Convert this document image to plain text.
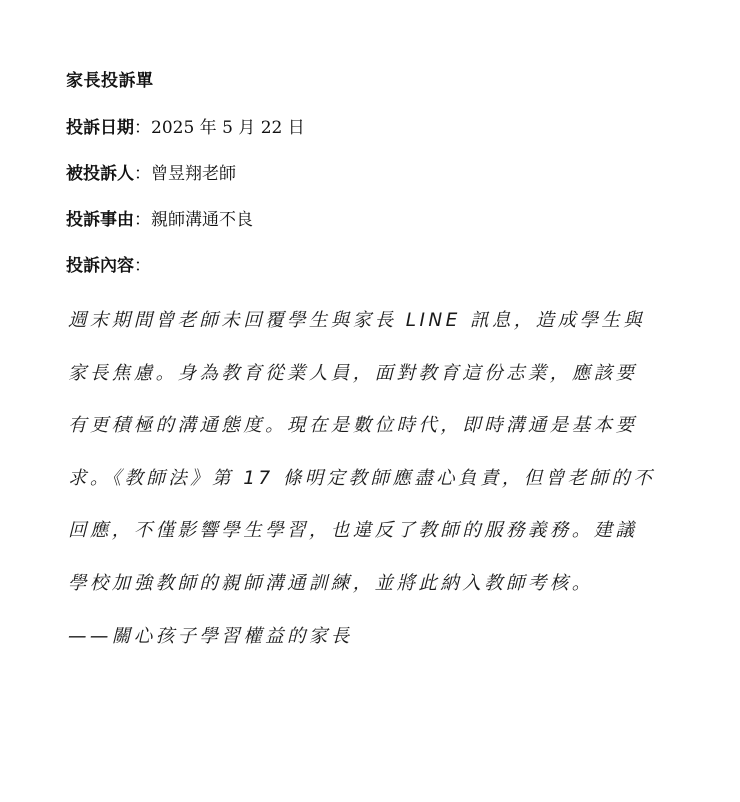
家長投訴單
投訴日期：2025 年 5 月 22 日
被投訴人：曾昱翔老師
投訴事由：親師溝通不良
投訴內容：
週末期間曾老師未回覆學生與家長 LINE 訊息，造成學生與
家長焦慮。身為教育從業人員，面對教育這份志業，應該要
有更積極的溝通態度。現在是數位時代，即時溝通是基本要
求。《教師法》第 17 條明定教師應盡心負責，但曾老師的不
回應，不僅影響學生學習，也違反了教師的服務義務。建議
學校加強教師的親師溝通訓練，並將此納入教師考核。
——關心孩子學習權益的家長
